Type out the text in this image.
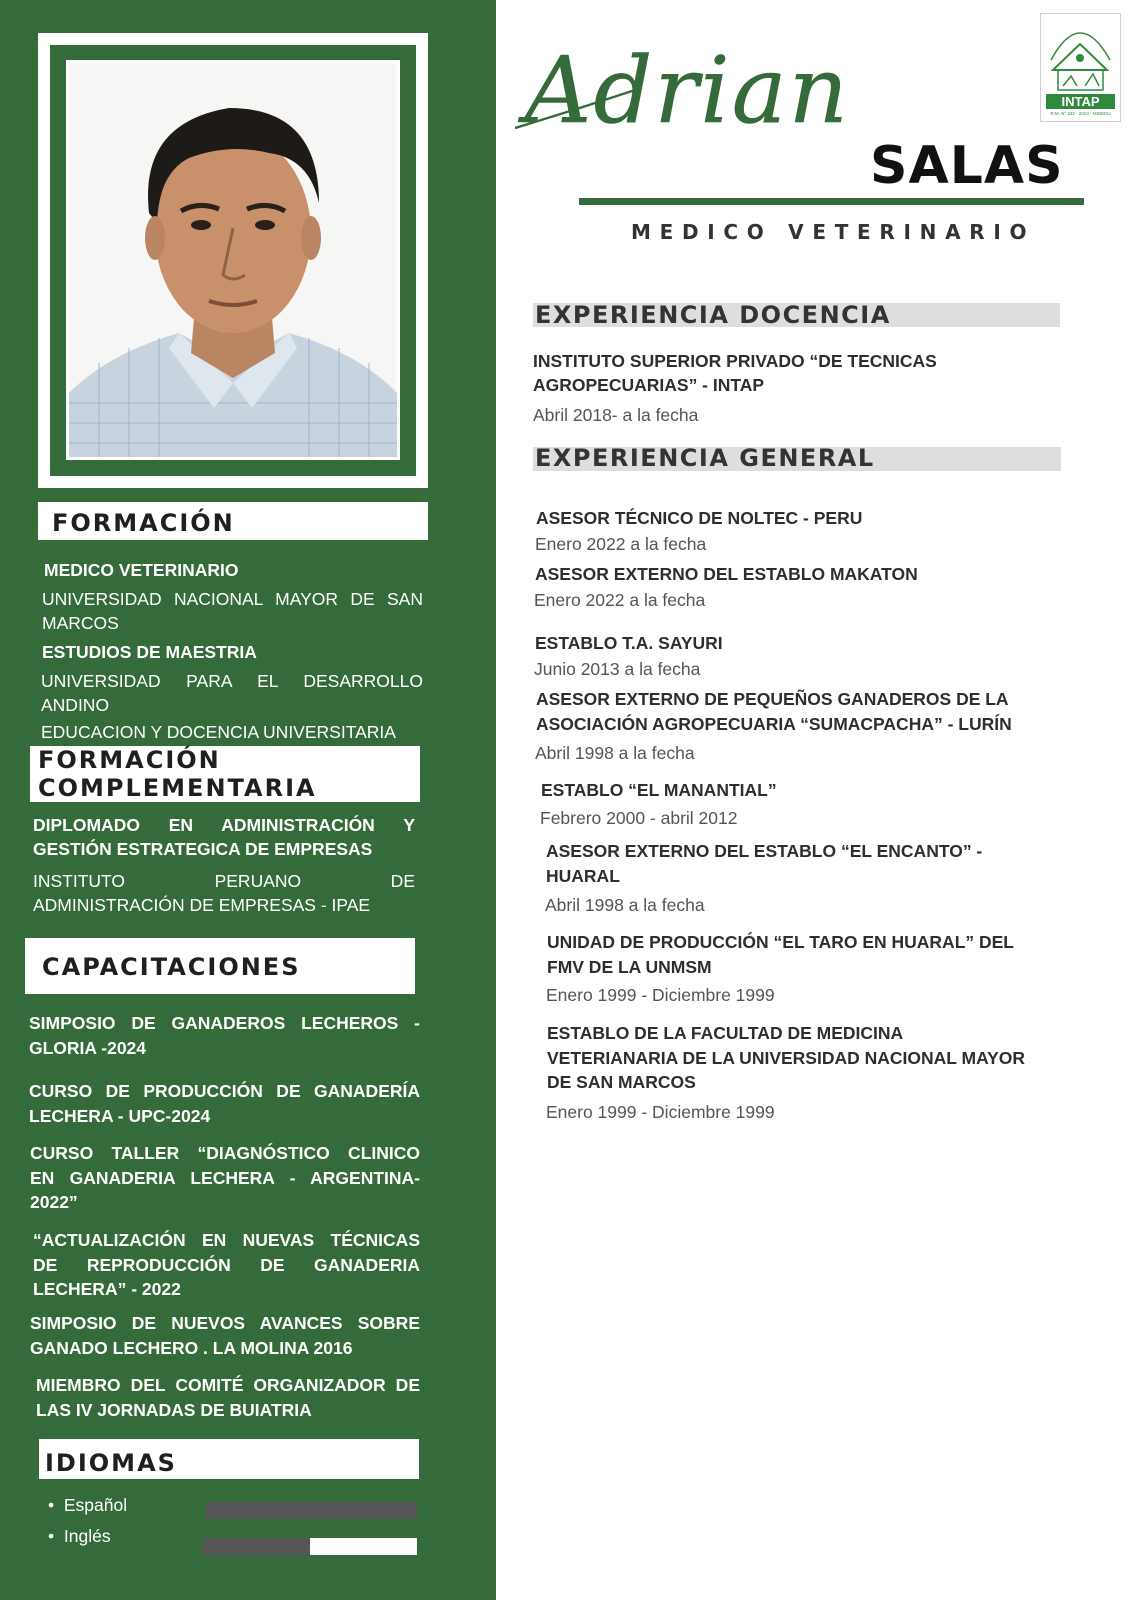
FORMACIÓN
MEDICO VETERINARIO
UNIVERSIDAD NACIONAL MAYOR DE SAN
MARCOS
ESTUDIOS DE MAESTRIA
UNIVERSIDAD PARA EL DESARROLLO
ANDINO
EDUCACION Y DOCENCIA UNIVERSITARIA
FORMACIÓN
COMPLEMENTARIA
DIPLOMADO EN ADMINISTRACIÓN Y
GESTIÓN ESTRATEGICA DE EMPRESAS
INSTITUTO PERUANO DE
ADMINISTRACIÓN DE EMPRESAS - IPAE
CAPACITACIONES
SIMPOSIO DE GANADEROS LECHEROS -
GLORIA -2024
CURSO DE PRODUCCIÓN DE GANADERÍA
LECHERA - UPC-2024
CURSO TALLER “DIAGNÓSTICO CLINICO
EN GANADERIA LECHERA - ARGENTINA-
2022”
“ACTUALIZACIÓN EN NUEVAS TÉCNICAS
DE REPRODUCCIÓN DE GANADERIA
LECHERA” - 2022
SIMPOSIO DE NUEVOS AVANCES SOBRE
GANADO LECHERO . LA MOLINA 2016
MIEMBRO DEL COMITÉ ORGANIZADOR DE
LAS IV JORNADAS DE BUIATRIA
IDIOMAS
• Español
• Inglés
Adrian
SALAS
MEDICO VETERINARIO
INTAP
R.M. N° 332 - 2024 - MINEDU
EXPERIENCIA DOCENCIA
INSTITUTO SUPERIOR PRIVADO “DE TECNICAS
AGROPECUARIAS” - INTAP
Abril 2018- a la fecha
EXPERIENCIA GENERAL
ASESOR TÉCNICO DE NOLTEC - PERU
Enero 2022 a la fecha
ASESOR EXTERNO DEL ESTABLO MAKATON
Enero 2022 a la fecha
ESTABLO T.A. SAYURI
Junio 2013 a la fecha
ASESOR EXTERNO DE PEQUEÑOS GANADEROS DE LA
ASOCIACIÓN AGROPECUARIA “SUMACPACHA” - LURÍN
Abril 1998 a la fecha
ESTABLO “EL MANANTIAL”
Febrero 2000 - abril 2012
ASESOR EXTERNO DEL ESTABLO “EL ENCANTO” -
HUARAL
Abril 1998 a la fecha
UNIDAD DE PRODUCCIÓN “EL TARO EN HUARAL” DEL
FMV DE LA UNMSM
Enero 1999 - Diciembre 1999
ESTABLO DE LA FACULTAD DE MEDICINA
VETERIANARIA DE LA UNIVERSIDAD NACIONAL MAYOR
DE SAN MARCOS
Enero 1999 - Diciembre 1999
